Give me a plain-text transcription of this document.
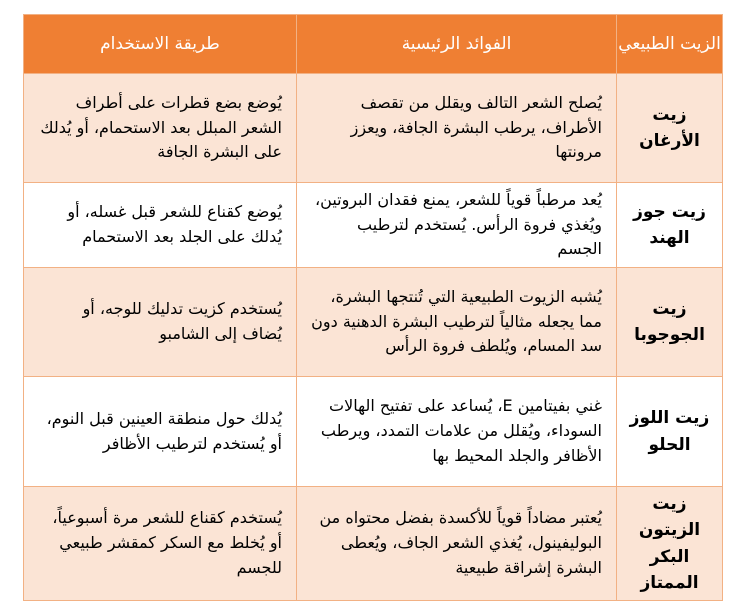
الزيت الطبيعي	الفوائد الرئيسية	طريقة الاستخدام
زيت الأرغان	يُصلح الشعر التالف ويقلل من تقصف الأطراف، يرطب البشرة الجافة، ويعزز مرونتها	يُوضع بضع قطرات على أطراف الشعر المبلل بعد الاستحمام، أو يُدلك على البشرة الجافة
زيت جوز الهند	يُعد مرطباً قوياً للشعر، يمنع فقدان البروتين، ويُغذي فروة الرأس. يُستخدم لترطيب الجسم	يُوضع كقناع للشعر قبل غسله، أو يُدلك على الجلد بعد الاستحمام
زيت الجوجوبا	يُشبه الزيوت الطبيعية التي تُنتجها البشرة، مما يجعله مثالياً لترطيب البشرة الدهنية دون سد المسام، ويُلطف فروة الرأس	يُستخدم كزيت تدليك للوجه، أو يُضاف إلى الشامبو
زيت اللوز الحلو	غني بفيتامين E، يُساعد على تفتيح الهالات السوداء، ويُقلل من علامات التمدد، ويرطب الأظافر والجلد المحيط بها	يُدلك حول منطقة العينين قبل النوم، أو يُستخدم لترطيب الأظافر
زيت الزيتون البكر الممتاز	يُعتبر مضاداً قوياً للأكسدة بفضل محتواه من البوليفينول، يُغذي الشعر الجاف، ويُعطى البشرة إشراقة طبيعية	يُستخدم كقناع للشعر مرة أسبوعياً، أو يُخلط مع السكر كمقشر طبيعي للجسم
